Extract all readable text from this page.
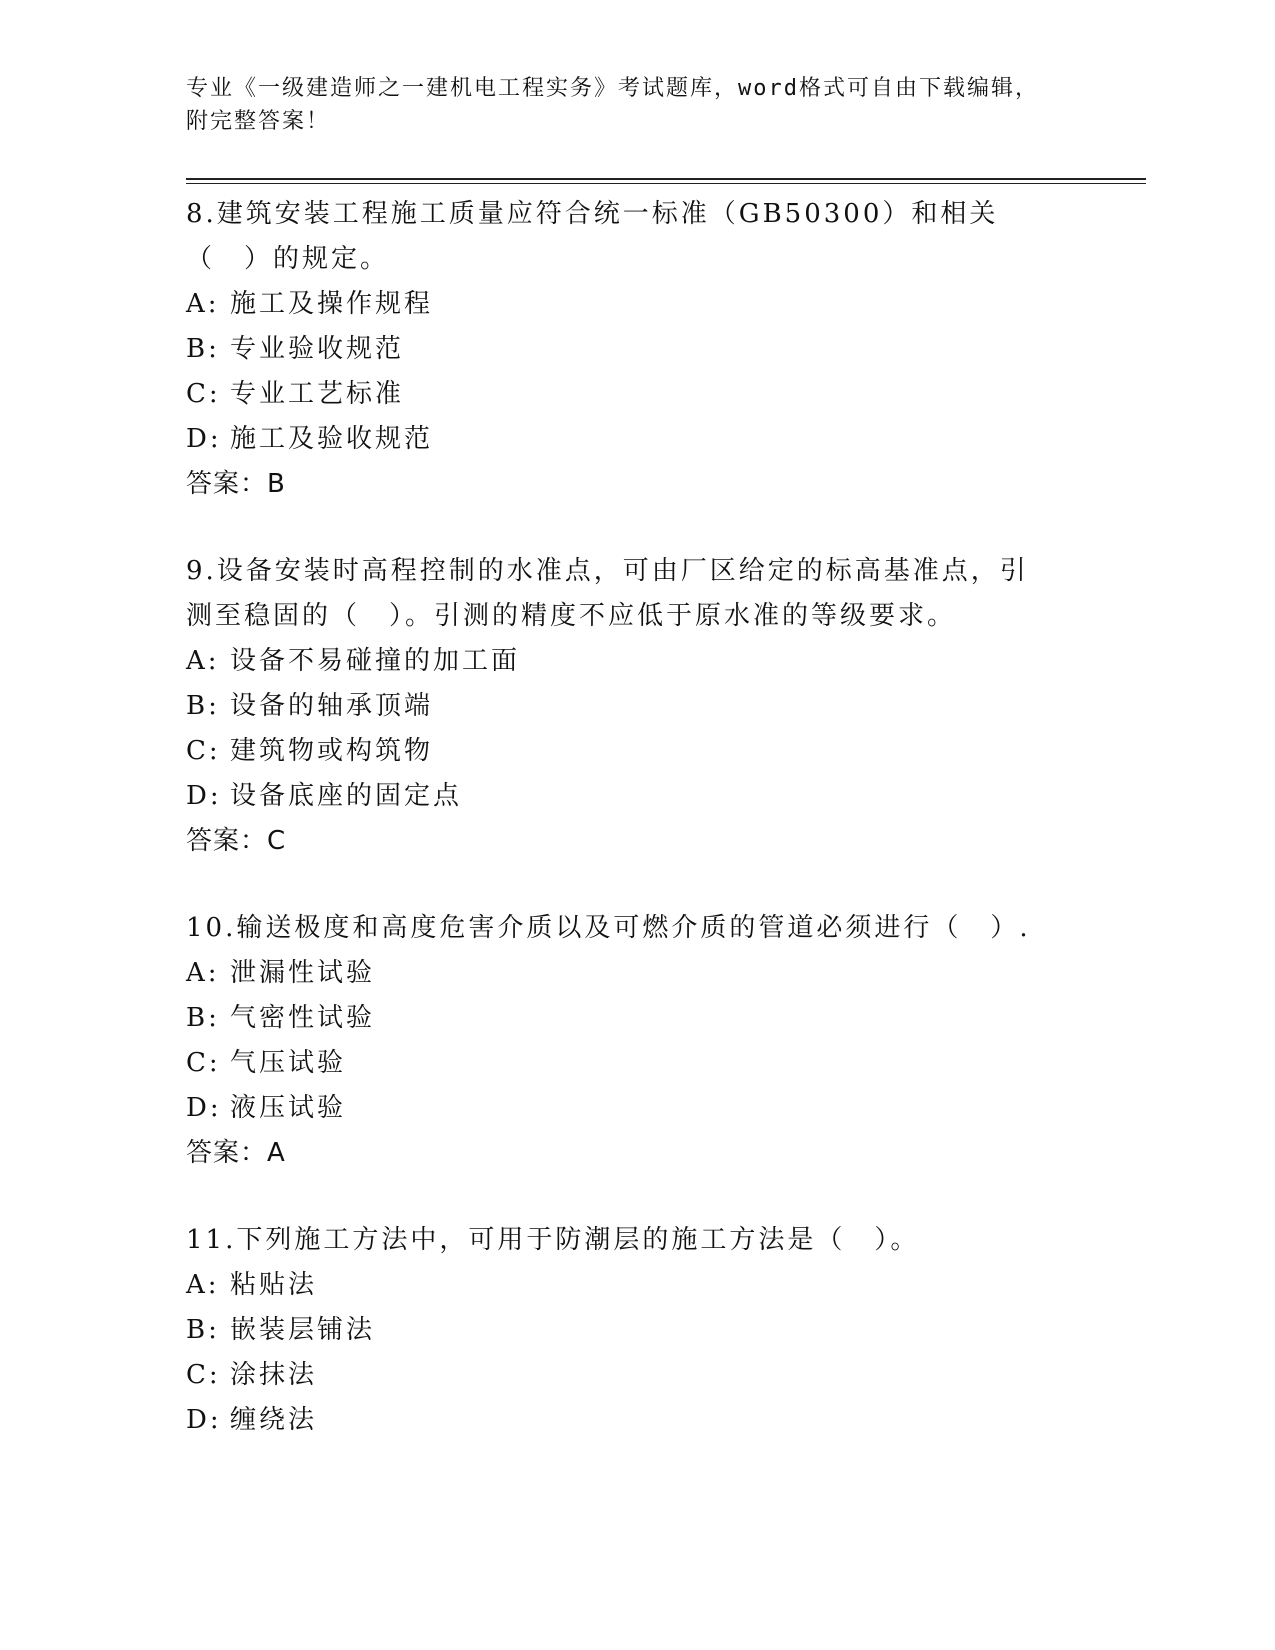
专业《一级建造师之一建机电工程实务》考试题库，word格式可自由下载编辑，
附完整答案！
8.建筑安装工程施工质量应符合统一标准（GB50300）和相关（　）的规定。
A: 施工及操作规程
B: 专业验收规范
C: 专业工艺标准
D: 施工及验收规范
答案：B
9.设备安装时高程控制的水准点，可由厂区给定的标高基准点，引测至稳固的（　）。引测的精度不应低于原水准的等级要求。
A: 设备不易碰撞的加工面
B: 设备的轴承顶端
C: 建筑物或构筑物
D: 设备底座的固定点
答案：C
10.输送极度和高度危害介质以及可燃介质的管道必须进行（　）.
A: 泄漏性试验
B: 气密性试验
C: 气压试验
D: 液压试验
答案：A
11.下列施工方法中，可用于防潮层的施工方法是（　）。
A: 粘贴法
B: 嵌装层铺法
C: 涂抹法
D: 缠绕法
